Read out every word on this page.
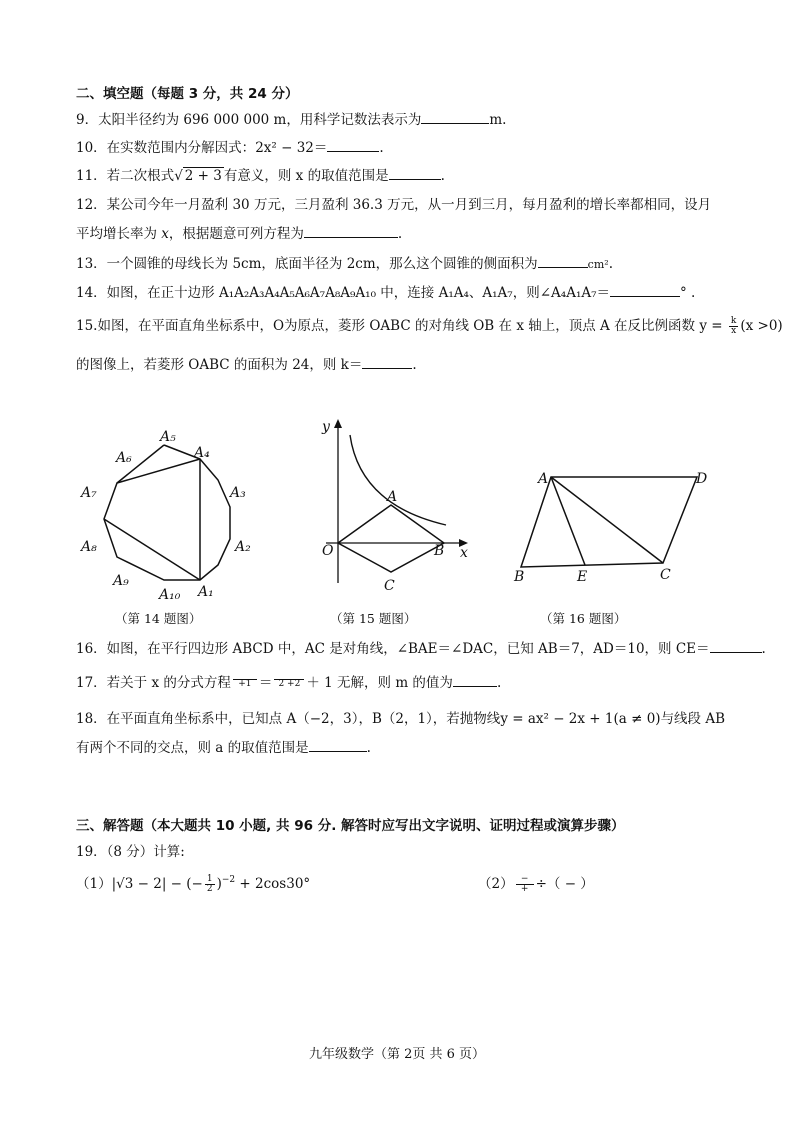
二、填空题（每题 3 分，共 24 分）
9．太阳半径约为 696 000 000 m，用科学记数法表示为	m.
10．在实数范围内分解因式：2x² − 32＝	.
11．若二次根式√ 2 + 3 有意义，则 x 的取值范围是	.
12．某公司今年一月盈利 30 万元，三月盈利 36.3 万元，从一月到三月，每月盈利的增长率都相同，设月
平均增长率为 x，根据题意可列方程为	.
13．一个圆锥的母线长为 5cm，底面半径为 2cm，那么这个圆锥的侧面积为	cm².
14．如图，在正十边形 A₁A₂A₃A₄A₅A₆A₇A₈A₉A₁₀ 中，连接 A₁A₄、A₁A₇，则∠A₄A₁A₇＝	° .
15.如图，在平面直角坐标系中，O为原点，菱形 OABC 的对角线 OB 在 x 轴上，顶点 A 在反比例函数 $y = \frac{k}{x} (x >0)$
的图像上，若菱形 OABC 的面积为 24，则 k＝	.
A₁
A₂
A₃
A₄
A₅
A₆
A₇
A₈
A₉
A₁₀
（第 14 题图）
y
x
O
A
B
C
（第 15 题图）
A	D
B	E	C
（第 16 题图）
16．如图，在平行四边形 ABCD 中，AC 是对角线，∠BAE＝∠DAC，已知 AB＝7，AD＝10，则 CE＝	.
17．若关于 x 的分式方程 +1 ＝ 2 +2 ＋ 1 无解，则 m 的值为	.
18．在平面直角坐标系中，已知点 A（−2，3），B（2，1），若抛物线y = ax² − 2x + 1(a ≠ 0)与线段 AB
有两个不同的交点，则 a 的取值范围是	.
三、解答题（本大题共 10 小题, 共 96 分. 解答时应写出文字说明、证明过程或演算步骤）
19．（8 分）计算:
（1）|√3 − 2| − (− $\frac{1}{2} )^{-2} + 2\cos 30^\circ$	$(2) \frac{-}{+}$ ÷（ − ）
九年级数学（第 2页 共 6 页）
